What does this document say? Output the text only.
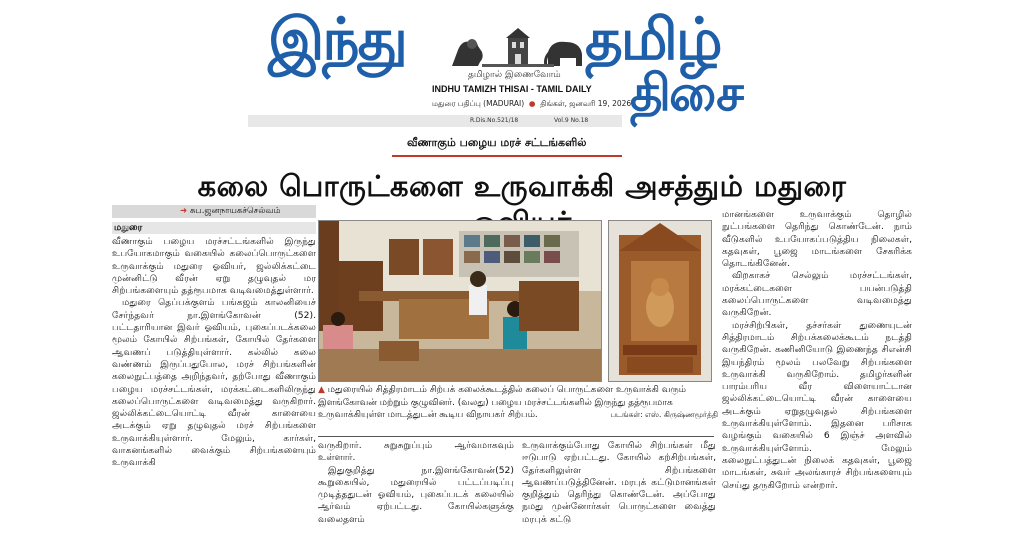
இந்து	தமிழ்
திசை
தமிழால் இணைவோம்
INDHU TAMIZH THISAI - TAMIL DAILY
மதுரை பதிப்பு (MADURAI)  ●  திங்கள், ஜனவரி 19, 2026
R.Dis.No.521/18	Vol.9 No.18
வீணாகும் பழைய மரச் சட்டங்களில்
கலை பொருட்களை உருவாக்கி அசத்தும் மதுரை
➜ சுப.ஜனநாயகச்செல்வம்
மதுரை

வீணாகும் பழைய மரச்சட்டங்களில் இருந்து உபயோகமாகும் வகையில் கலைப்பொருட்களை உருவாக்கும் மதுரை ஓவியர், ஜல்லிக்கட்டை முன்னிட்டு வீரன் ஏறு தழுவுதல் மர சிற்பங்களையும் தத்ரூபமாக வடிவமைத்துள்ளார்.

மதுரை தெப்பக்குளம் பங்கஜம் காலனியைச் சேர்ந்தவர் நா.இளங்கோவன் (52). பட்டதாரியான இவர் ஓவியம், புகைப்படக்கலை மூலம் கோயில் சிற்பங்கள், கோயில் தேர்களை ஆவணப் படுத்தியுள்ளார். கல்லில் கலை வண்ணம் இருப்பதுபோல, மரச் சிற்பங்களின் கலைநுட்பத்தை அறிந்தவர், தற்போது வீணாகும் பழைய மரச்சட்டங்கள், மரக்கட்டைகளிலிருந்து கலைப்பொருட்களை வடிவமைத்து வருகிறார். ஜல்லிக்கட்டையொட்டி வீரன் காளையை அடக்கும் ஏறு தழுவுதல் மரச் சிற்பங்களை உருவாக்கியுள்ளார். மேலும், கார்கள், வாகனங்களில் வைக்கும் சிற்பங்களையும் உருவாக்கி

▲ மதுரையில் சித்திரமாடம் சிற்பக் கலைக்கூடத்தில் கலைப் பொருட்களை உருவாக்கி வரும் இளங்கோவன் மற்றும் குழுவினர். (வலது) பழைய மரச்சட்டங்களில் இருந்து தத்ரூபமாக உருவாக்கியுள்ள மாடத்துடன் கூடிய விநாயகர் சிற்பம்.	படங்கள்: எஸ். கிருஷ்ணமூர்த்தி

வருகிறார். சுறுசுறுப்பும் ஆர்வமாகவும் உள்ளார்.

இதுகுறித்து நா.இளங்கோவன்(52) கூறுகையில், மதுரையில் பட்டப்படிப்பு முடித்ததுடன் ஓவியம், புகைப்படக் கலையில் ஆர்வம் ஏற்பட்டது. கோயில்களுக்கு வலைதளம்

உருவாக்கும்போது கோயில் சிற்பங்கள் மீது ஈடுபாடு ஏற்பட்டது. கோயில் கற்சிற்பங்கள், தேர்களிலுள்ள சிற்பங்களை ஆவணப்படுத்தினேன். மரபுக் கட்டுமானங்கள் குறித்தும் தெரிந்து கொண்டேன். அப்போது நமது முன்னோர்கள் பொருட்களை வைத்து மரபுக் கட்டு

மானங்களை உருவாக்கும் தொழில் நுட்பங்களை தெரிந்து கொண்டேன். நாம் வீடுகளில் உபயோகப்படுத்திய நிலைகள், கதவுகள், பூஜை மாடங்களை சேகரிக்க தொடங்கினேன்.

விறகாகச் செல்லும் மரச்சட்டங்கள், மரக்கட்டைகளை பயன்படுத்தி கலைப்பொருட்களை வடிவமைத்து வருகிறேன்.

மரச்சிற்பிகள், தச்சர்கள் துணையுடன் சித்திரமாடம் சிற்பக்கலைக்கூடம் நடத்தி வருகிறேன். கணினியோடு இணைந்த சிஎன்சி இயந்திரம் மூலம் பலவேறு சிற்பங்களை உருவாக்கி வருகிறோம். தமிழர்களின் பாரம்பரிய வீர விளையாட்டான ஜல்லிக்கட்டையொட்டி வீரன் காளையை அடக்கும் ஏறுதழுவுதல் சிற்பங்களை உருவாக்கியுள்ளோம். இதனை பரிசாக வழங்கும் வகையில் 6 இஞ்ச் அளவில் உருவாக்கியுள்ளோம். மேலும் கலைநுட்பத்துடன் நிலைக் கதவுகள், பூஜை மாடங்கள், சுவர் அலங்காரச் சிற்பங்களையும் செய்து தருகிறோம் என்றார்.
